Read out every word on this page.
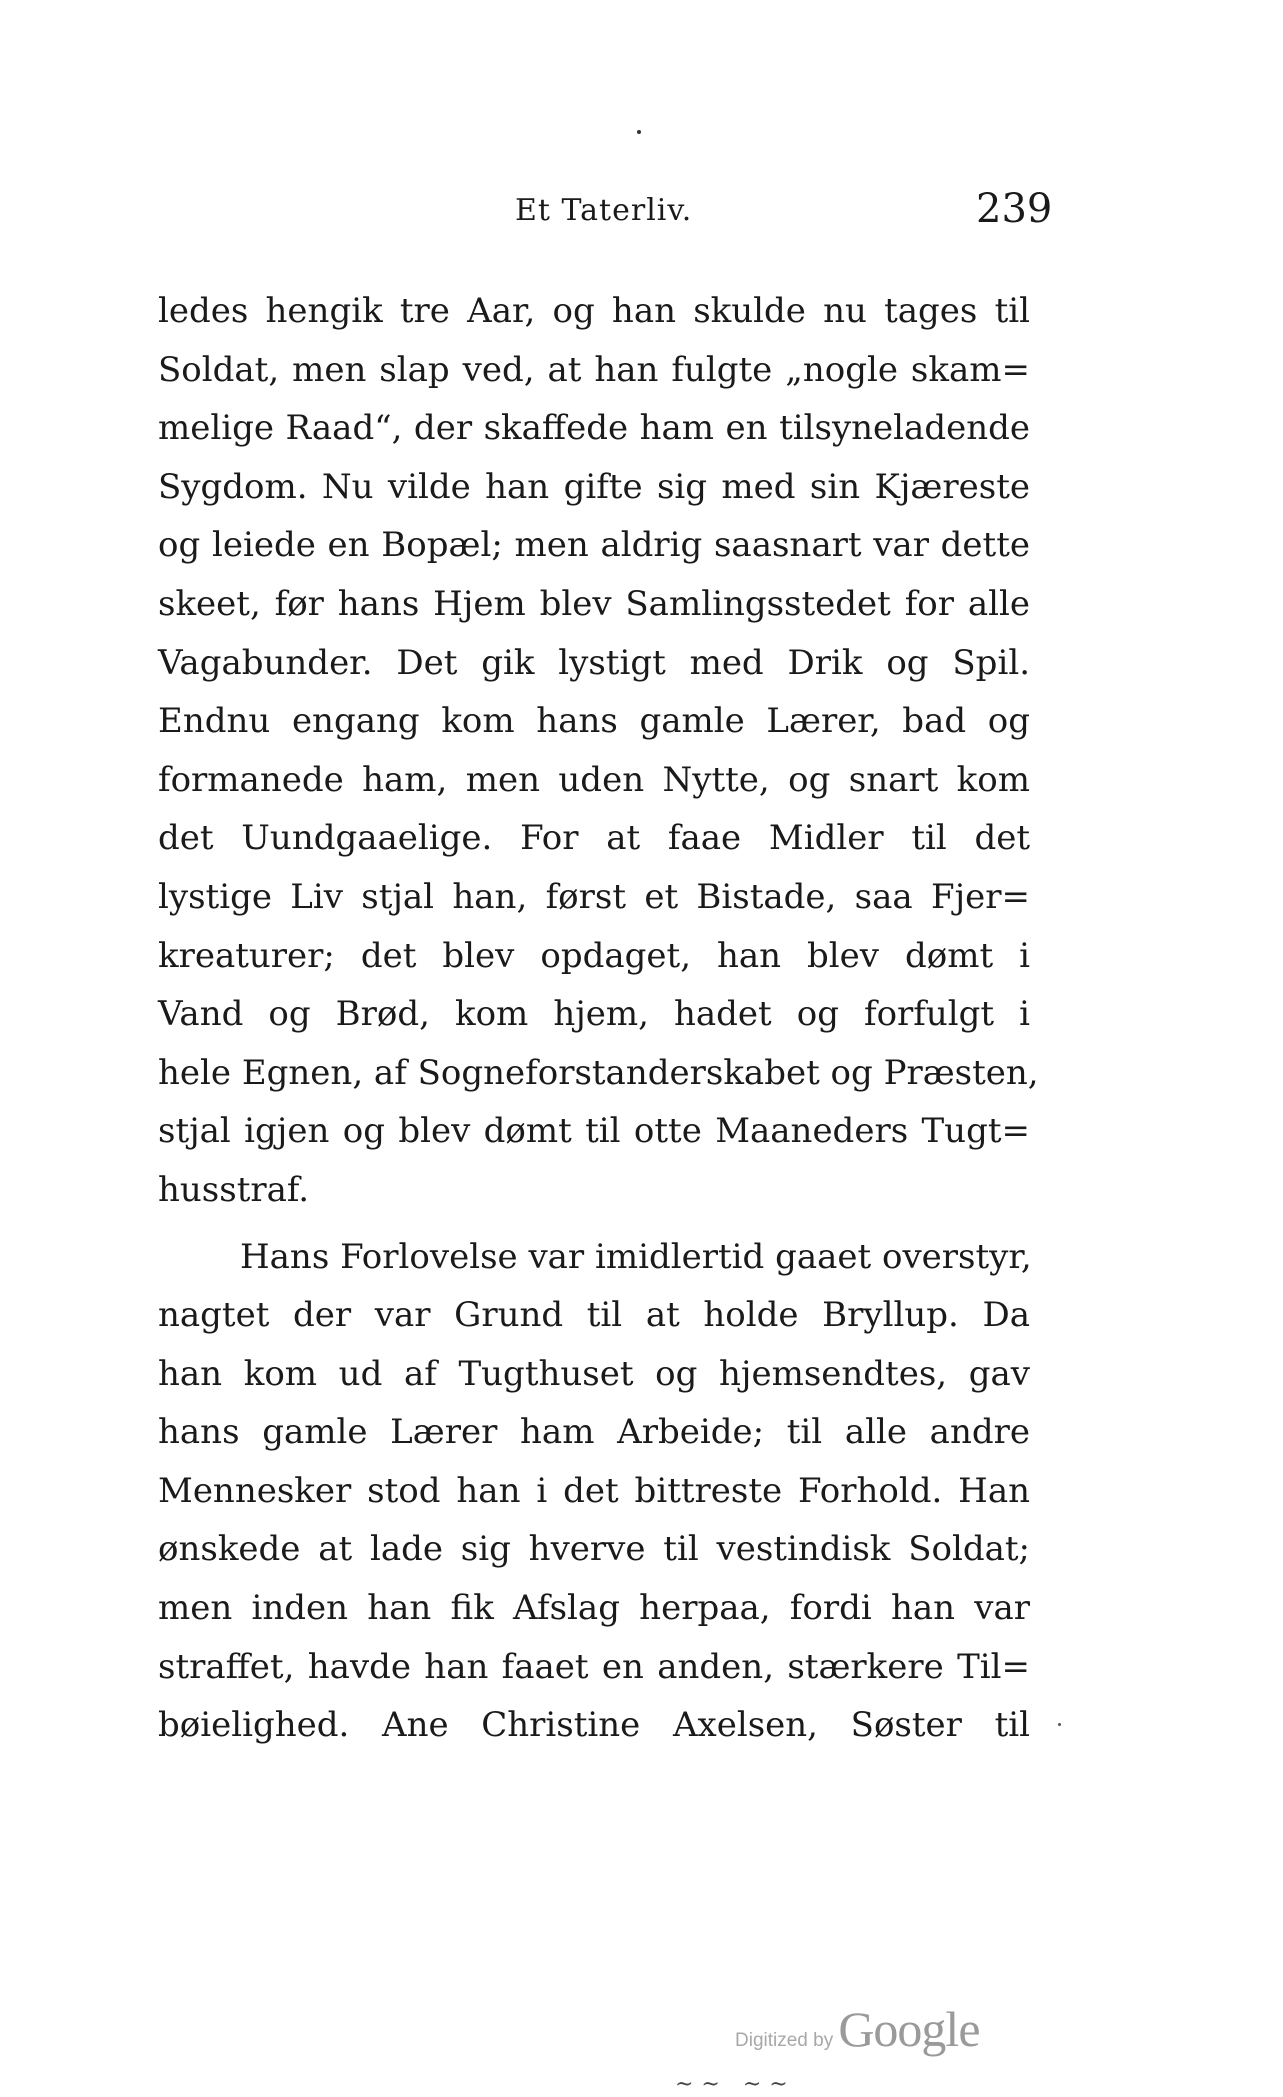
Et Taterliv.	239
ledes hengik tre Aar, og han skulde nu tages til
Soldat, men slap ved, at han fulgte „nogle skam=
melige Raad“, der skaffede ham en tilsyneladende
Sygdom. Nu vilde han gifte sig med sin Kjæreste
og leiede en Bopæl; men aldrig saasnart var dette
skeet, før hans Hjem blev Samlingsstedet for alle
Vagabunder. Det gik lystigt med Drik og Spil.
Endnu engang kom hans gamle Lærer, bad og
formanede ham, men uden Nytte, og snart kom
det Uundgaaelige. For at faae Midler til det
lystige Liv stjal han, først et Bistade, saa Fjer=
kreaturer; det blev opdaget, han blev dømt i
Vand og Brød, kom hjem, hadet og forfulgt i
hele Egnen, af Sogneforstanderskabet og Præsten,
stjal igjen og blev dømt til otte Maaneders Tugt=
husstraf.
Hans Forlovelse var imidlertid gaaet overstyr,
nagtet der var Grund til at holde Bryllup. Da
han kom ud af Tugthuset og hjemsendtes, gav
hans gamle Lærer ham Arbeide; til alle andre
Mennesker stod han i det bittreste Forhold. Han
ønskede at lade sig hverve til vestindisk Soldat;
men inden han fik Afslag herpaa, fordi han var
straffet, havde han faaet en anden, stærkere Til=
bøielighed. Ane Christine Axelsen, Søster til
Digitized by Google
~~ ~~
